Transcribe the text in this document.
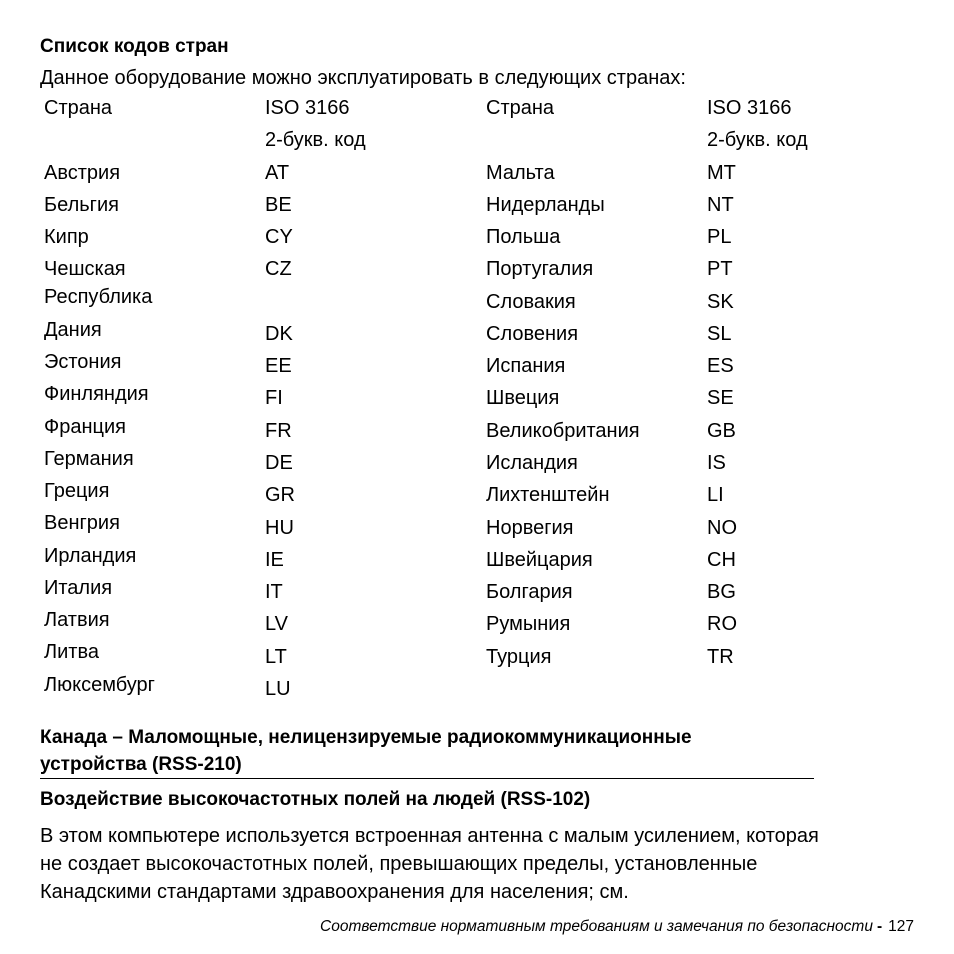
Список кодов стран
Данное оборудование можно эксплуатировать в следующих странах:
Страна	ISO 3166
2-букв. код
Страна	ISO 3166
2-букв. код
Австрия
Бельгия
Кипр
Чешская
Республика
Дания
Эстония
Финляндия
Франция
Германия
Греция
Венгрия
Ирландия
Италия
Латвия
Литва
Люксембург
AT
BE
CY
CZ
DK
EE
FI
FR
DE
GR
HU
IE
IT
LV
LT
LU
Мальта
Нидерланды
Польша
Португалия
Словакия
Словения
Испания
Швеция
Великобритания
Исландия
Лихтенштейн
Норвегия
Швейцария
Болгария
Румыния
Турция
MT
NT
PL
PT
SK
SL
ES
SE
GB
IS
LI
NO
CH
BG
RO
TR
Канада – Маломощные, нелицензируемые радиокоммуникационные
устройства (RSS-210)
Воздействие высокочастотных полей на людей (RSS-102)
В этом компьютере используется встроенная антенна с малым усилением, которая
не создает высокочастотных полей, превышающих пределы, установленные
Канадскими стандартами здравоохранения для населения; см.
Соответствие нормативным требованиям и замечания по безопасности - 127
